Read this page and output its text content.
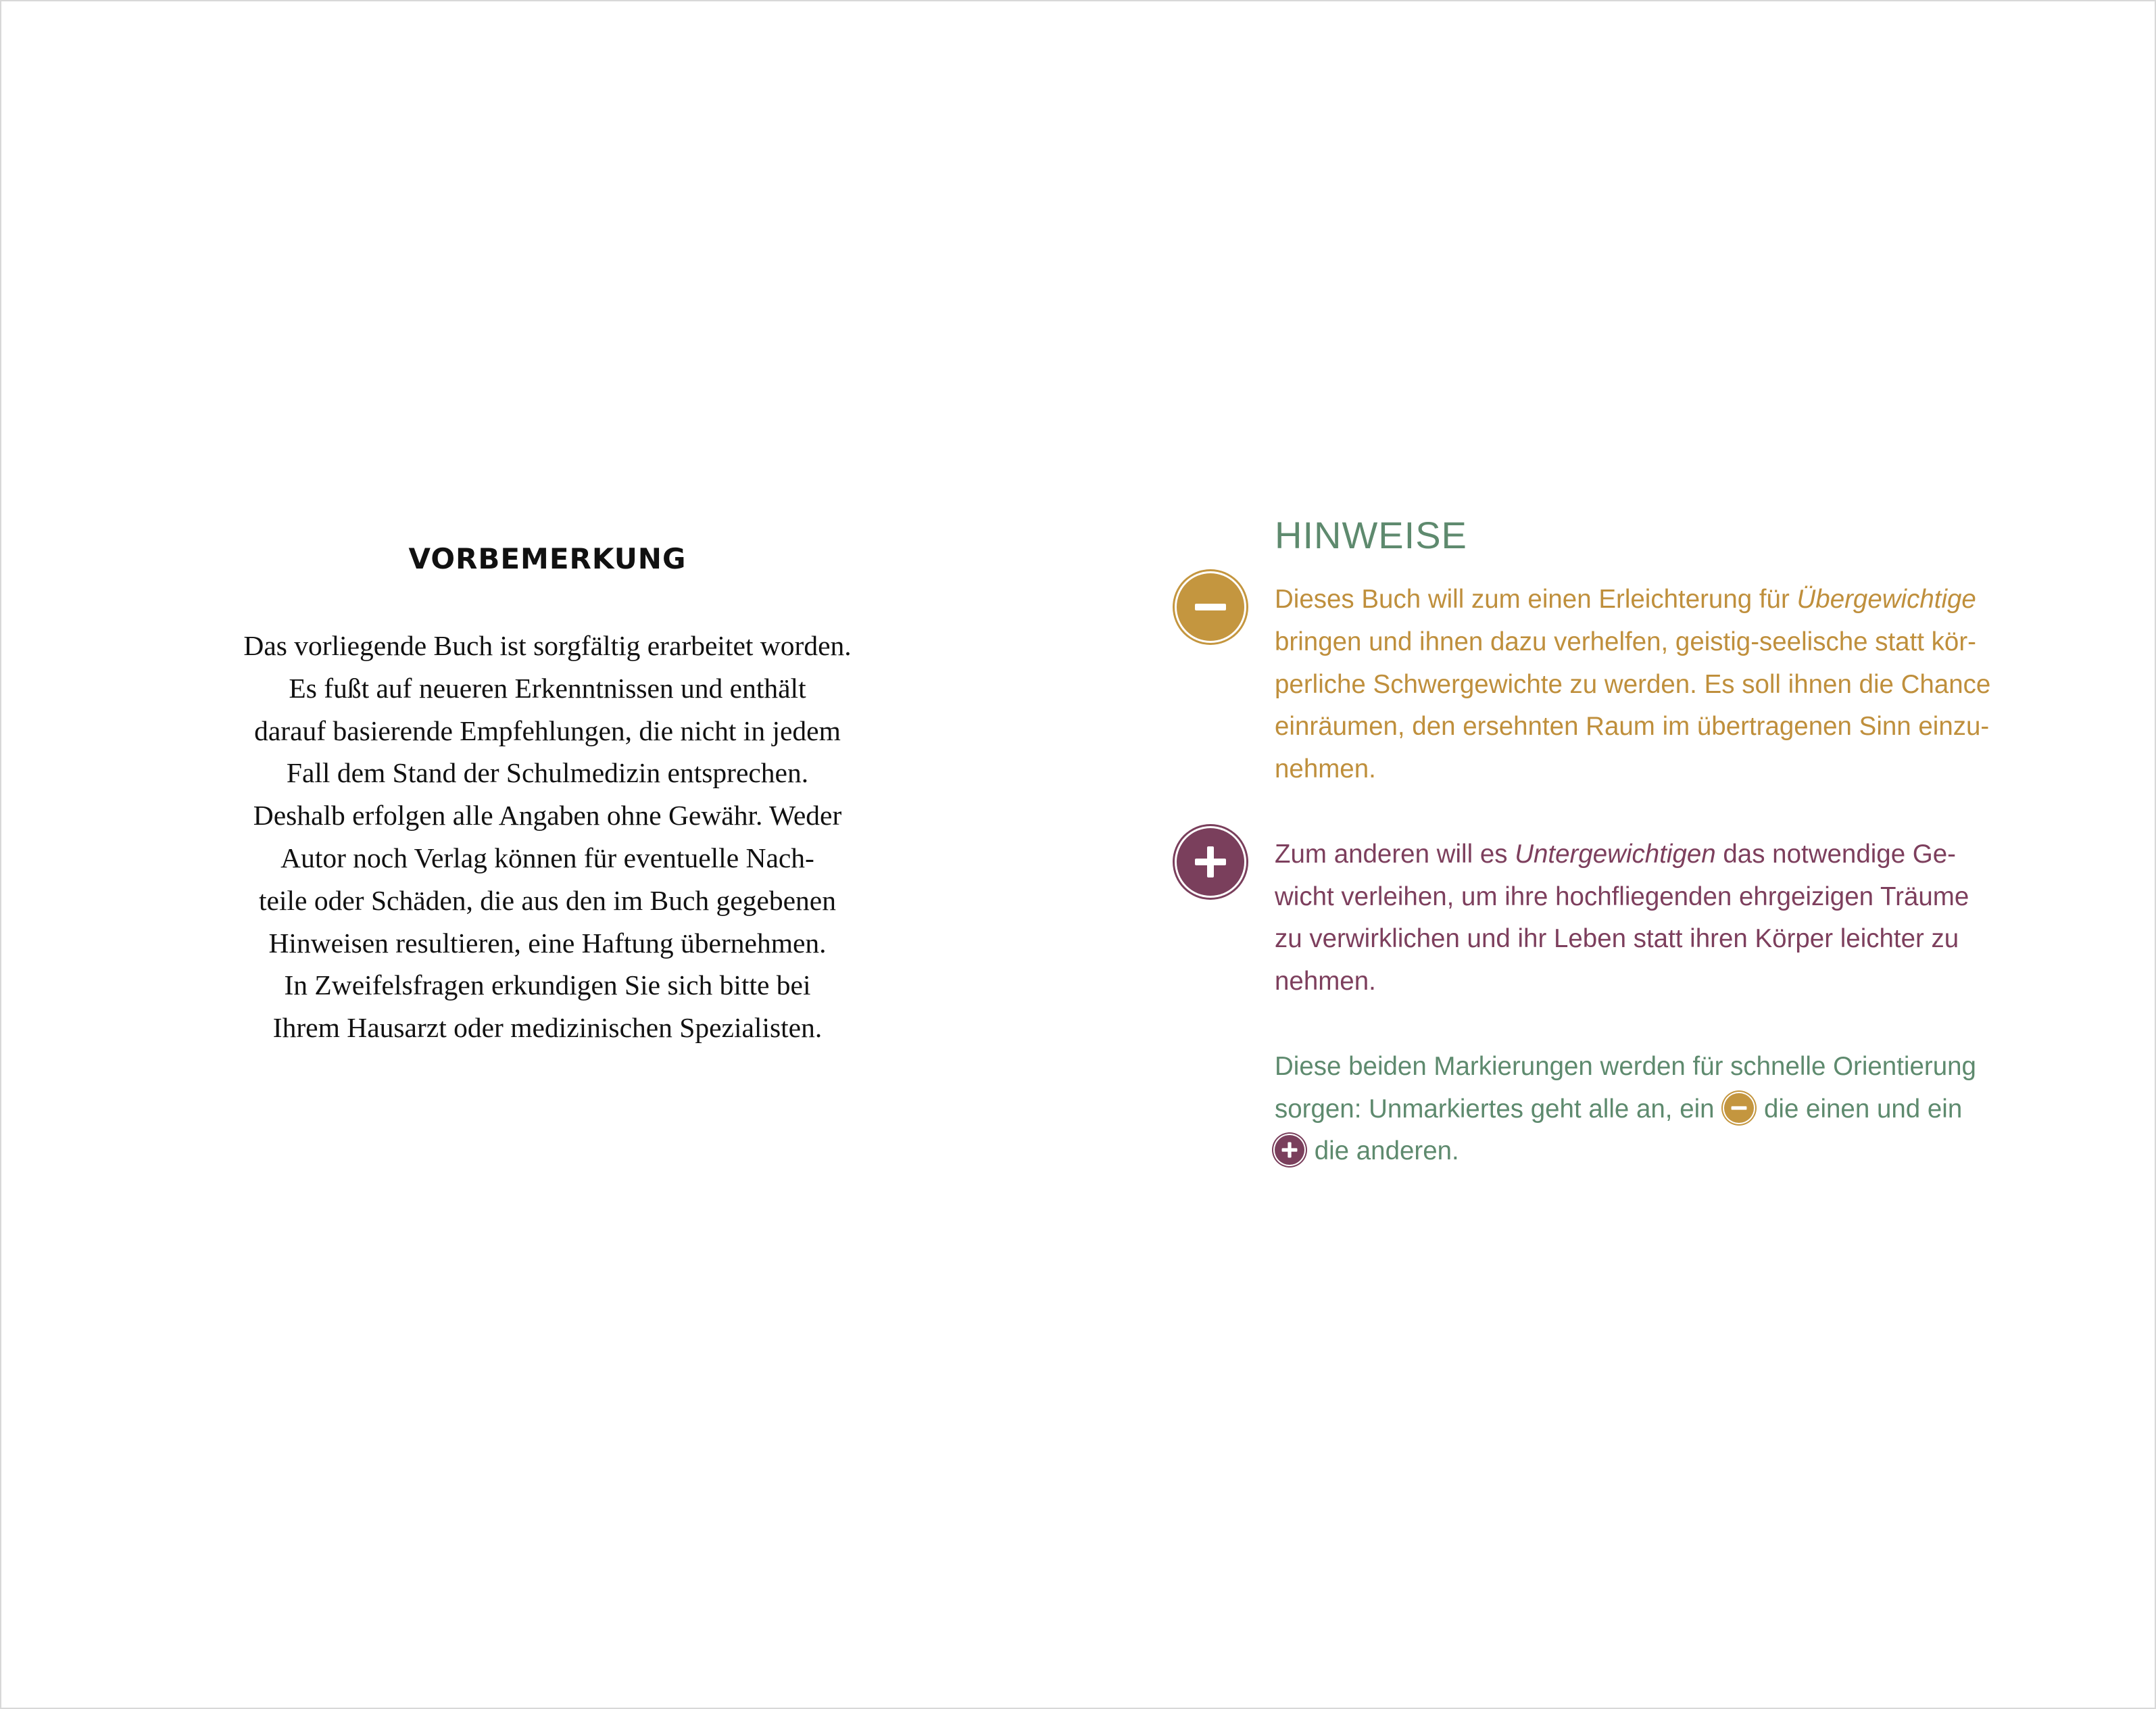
VORBEMERKUNG
Das vorliegende Buch ist sorgfältig erarbeitet worden.
Es fußt auf neueren Erkenntnissen und enthält
darauf basierende Empfehlungen, die nicht in jedem
Fall dem Stand der Schulmedizin entsprechen.
Deshalb erfolgen alle Angaben ohne Gewähr. Weder
Autor noch Verlag können für eventuelle Nach-
teile oder Schäden, die aus den im Buch gegebenen
Hinweisen resultieren, eine Haftung übernehmen.
In Zweifelsfragen erkundigen Sie sich bitte bei
Ihrem Hausarzt oder medizinischen Spezialisten.
HINWEISE
Dieses Buch will zum einen Erleichterung für Übergewichtige
bringen und ihnen dazu verhelfen, geistig-seelische statt kör-
perliche Schwergewichte zu werden. Es soll ihnen die Chance
einräumen, den ersehnten Raum im übertragenen Sinn einzu-
nehmen.
Zum anderen will es Untergewichtigen das notwendige Ge-
wicht verleihen, um ihre hochfliegenden ehrgeizigen Träume
zu verwirklichen und ihr Leben statt ihren Körper leichter zu
nehmen.
Diese beiden Markierungen werden für schnelle Orientierung
sorgen: Unmarkiertes geht alle an, ein
die einen und ein
die anderen.
